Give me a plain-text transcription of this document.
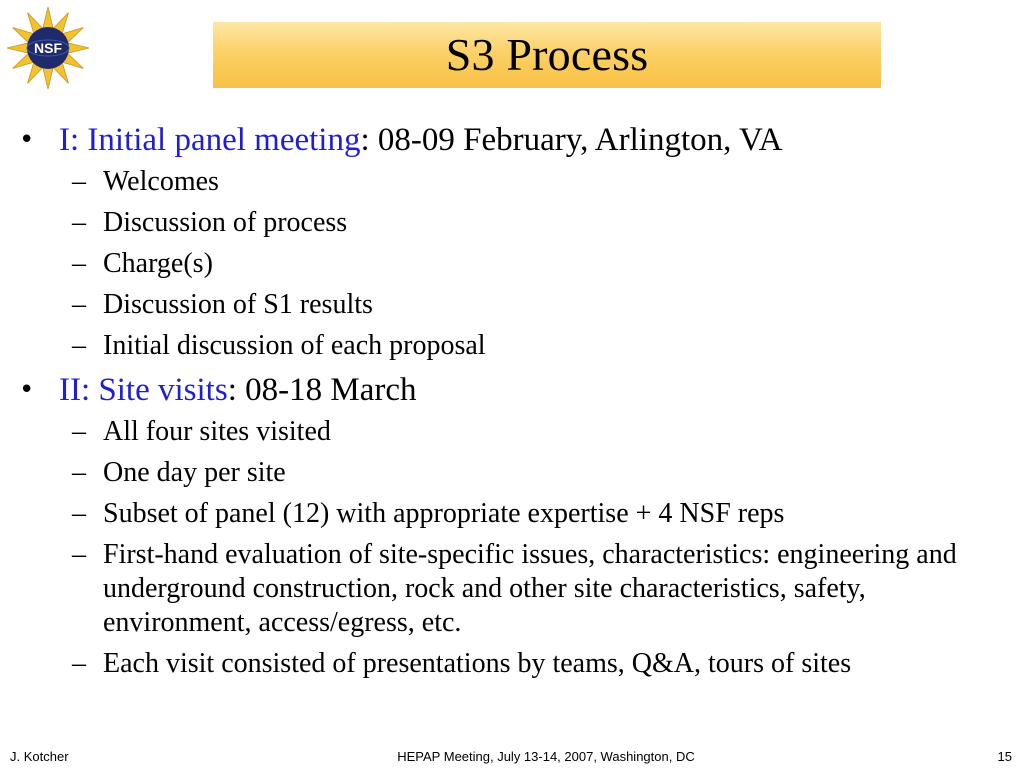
NSF	S3 Process
• I: Initial panel meeting: 08-09 February, Arlington, VA
– Welcomes
– Discussion of process
– Charge(s)
– Discussion of S1 results
– Initial discussion of each proposal
• II: Site visits: 08-18 March
– All four sites visited
– One day per site
– Subset of panel (12) with appropriate expertise + 4 NSF reps
– First-hand evaluation of site-specific issues, characteristics: engineering and underground construction, rock and other site characteristics, safety, environment, access/egress, etc.
– Each visit consisted of presentations by teams, Q&A, tours of sites
J. Kotcher	HEPAP Meeting, July 13-14, 2007, Washington, DC	15
